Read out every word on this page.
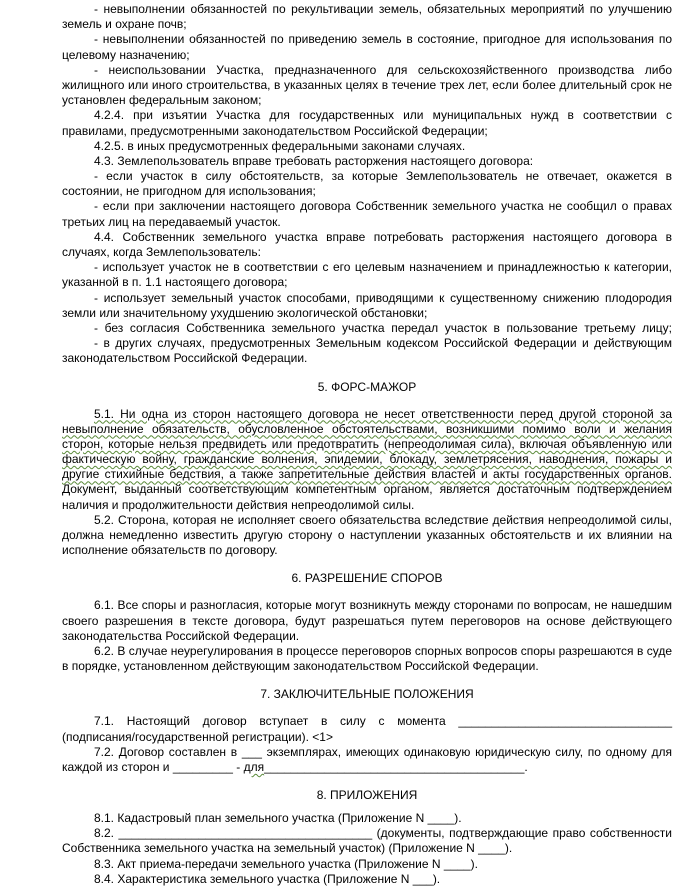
- невыполнении обязанностей по рекультивации земель, обязательных мероприятий по улучшению
земель и охране почв;
- невыполнении обязанностей по приведению земель в состояние, пригодное для использования по
целевому назначению;
- неиспользовании Участка, предназначенного для сельскохозяйственного производства либо
жилищного или иного строительства, в указанных целях в течение трех лет, если более длительный срок не
установлен федеральным законом;
4.2.4. при изъятии Участка для государственных или муниципальных нужд в соответствии с
правилами, предусмотренными законодательством Российской Федерации;
4.2.5. в иных предусмотренных федеральными законами случаях.
4.3. Землепользователь вправе требовать расторжения настоящего договора:
- если участок в силу обстоятельств, за которые Землепользователь не отвечает, окажется в
состоянии, не пригодном для использования;
- если при заключении настоящего договора Собственник земельного участка не сообщил о правах
третьих лиц на передаваемый участок.
4.4. Собственник земельного участка вправе потребовать расторжения настоящего договора в
случаях, когда Землепользователь:
- использует участок не в соответствии с его целевым назначением и принадлежностью к категории,
указанной в п. 1.1 настоящего договора;
- использует земельный участок способами, приводящими к существенному снижению плодородия
земли или значительному ухудшению экологической обстановки;
- без согласия Собственника земельного участка передал участок в пользование третьему лицу;
- в других случаях, предусмотренных Земельным кодексом Российской Федерации и действующим
законодательством Российской Федерации.
5. ФОРС-МАЖОР
5.1. Ни одна из сторон настоящего договора не несет ответственности перед другой стороной за
невыполнение обязательств, обусловленное обстоятельствами, возникшими помимо воли и желания
сторон, которые нельзя предвидеть или предотвратить (непреодолимая сила), включая объявленную или
фактическую войну, гражданские волнения, эпидемии, блокаду, землетрясения, наводнения, пожары и
другие стихийные бедствия, а также запретительные действия властей и акты государственных органов.
Документ, выданный соответствующим компетентным органом, является достаточным подтверждением
наличия и продолжительности действия непреодолимой силы.
5.2. Сторона, которая не исполняет своего обязательства вследствие действия непреодолимой силы,
должна немедленно известить другую сторону о наступлении указанных обстоятельств и их влиянии на
исполнение обязательств по договору.
6. РАЗРЕШЕНИЕ СПОРОВ
6.1. Все споры и разногласия, которые могут возникнуть между сторонами по вопросам, не нашедшим
своего разрешения в тексте договора, будут разрешаться путем переговоров на основе действующего
законодательства Российской Федерации.
6.2. В случае неурегулирования в процессе переговоров спорных вопросов споры разрешаются в суде
в порядке, установленном действующим законодательством Российской Федерации.
7. ЗАКЛЮЧИТЕЛЬНЫЕ ПОЛОЖЕНИЯ
7.1. Настоящий договор вступает в силу с момента ________________________________
(подписания/государственной регистрации). <1>
7.2. Договор составлен в ___ экземплярах, имеющих одинаковую юридическую силу, по одному для
каждой из сторон и _________ - для_______________________________________.
8. ПРИЛОЖЕНИЯ
8.1. Кадастровый план земельного участка (Приложение N ____).
8.2. ______________________________________ (документы, подтверждающие право собственности
Собственника земельного участка на земельный участок) (Приложение N ____).
8.3. Акт приема-передачи земельного участка (Приложение N ____).
8.4. Характеристика земельного участка (Приложение N ___).
